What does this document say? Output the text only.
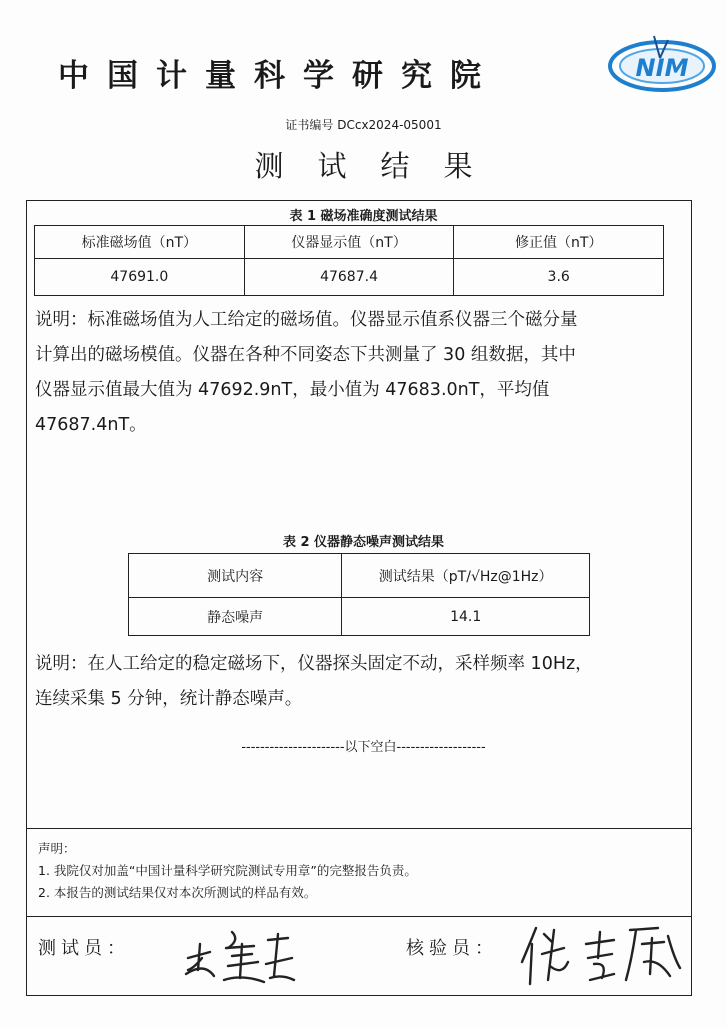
中国计量科学研究院	NIM
证书编号 DCcx2024-05001
测试结果
表 1 磁场准确度测试结果
标准磁场值（nT）	仪器显示值（nT）	修正值（nT）
47691.0	47687.4	3.6
说明：标准磁场值为人工给定的磁场值。仪器显示值系仪器三个磁分量
计算出的磁场模值。仪器在各种不同姿态下共测量了 30 组数据，其中
仪器显示值最大值为 47692.9nT，最小值为 47683.0nT，平均值
47687.4nT。
表 2 仪器静态噪声测试结果
测试内容	测试结果（pT/√Hz@1Hz）
静态噪声	14.1
说明：在人工给定的稳定磁场下，仪器探头固定不动，采样频率 10Hz，
连续采集 5 分钟，统计静态噪声。
----------------------以下空白-------------------
声明：
1. 我院仅对加盖“中国计量科学研究院测试专用章”的完整报告负责。
2. 本报告的测试结果仅对本次所测试的样品有效。
测试员：	核验员：
